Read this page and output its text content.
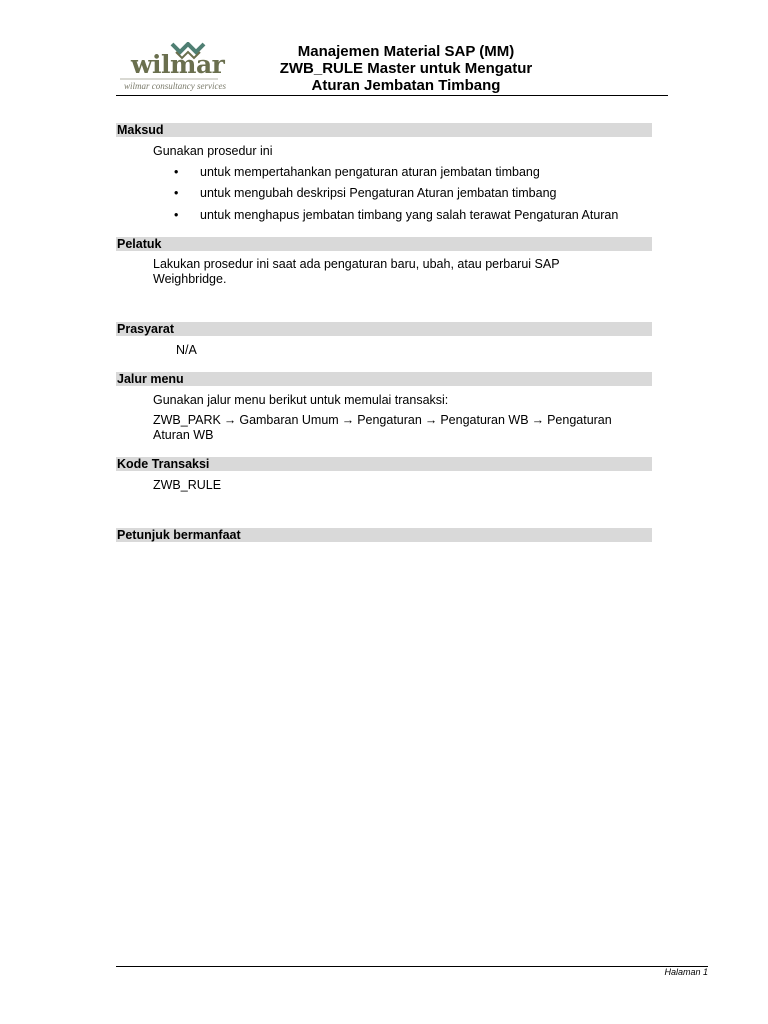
wilmar
wilmar consultancy services
Manajemen Material SAP (MM)
ZWB_RULE Master untuk Mengatur
Aturan Jembatan Timbang
Maksud
Gunakan prosedur ini
•	untuk mempertahankan pengaturan aturan jembatan timbang
•	untuk mengubah deskripsi Pengaturan Aturan jembatan timbang
•	untuk menghapus jembatan timbang yang salah terawat Pengaturan Aturan
Pelatuk
Lakukan prosedur ini saat ada pengaturan baru, ubah, atau perbarui SAP
Weighbridge.
Prasyarat
N/A
Jalur menu
Gunakan jalur menu berikut untuk memulai transaksi:
ZWB_PARK → Gambaran Umum → Pengaturan → Pengaturan WB → Pengaturan
Aturan WB
Kode Transaksi
ZWB_RULE
Petunjuk bermanfaat
Halaman 1
